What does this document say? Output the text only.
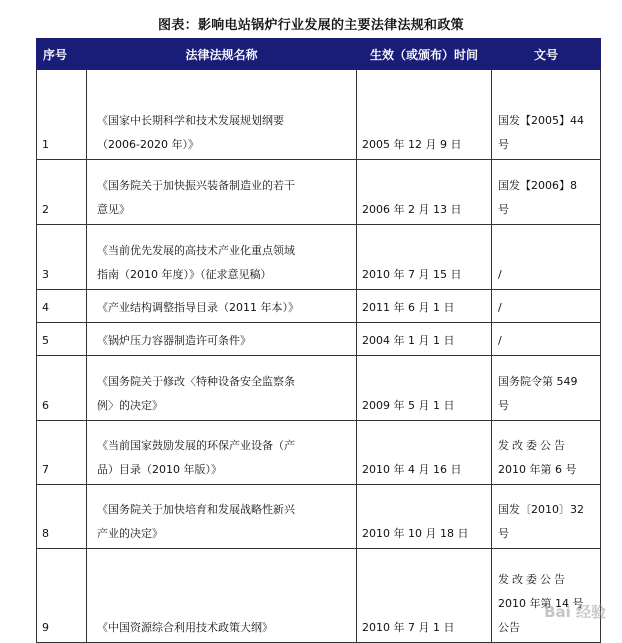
图表：影响电站锅炉行业发展的主要法律法规和政策
序号	法律法规名称	生效（或颁布）时间	文号
1	《国家中长期科学和技术发展规划纲要
（2006-2020 年）》	2005 年 12 月 9 日	国发【2005】44
号

2	《国务院关于加快振兴装备制造业的若干
意见》	2006 年 2 月 13 日	国发【2006】8
号

3	《当前优先发展的高技术产业化重点领域
指南（2010 年度）》（征求意见稿）	2010 年 7 月 15 日	/

4	《产业结构调整指导目录（2011 年本）》	2011 年 6 月 1 日	/

5	《锅炉压力容器制造许可条件》	2004 年 1 月 1 日	/

6	《国务院关于修改〈特种设备安全监察条
例〉的决定》	2009 年 5 月 1 日	国务院令第 549
号

7	《当前国家鼓励发展的环保产业设备（产
品）目录（2010 年版）》	2010 年 4 月 16 日	发改委公告
2010 年第 6 号

8	《国务院关于加快培育和发展战略性新兴
产业的决定》	2010 年 10 月 18 日	国发〔2010〕32
号

9	《中国资源综合利用技术政策大纲》	2010 年 7 月 1 日	发改委公告
2010 年第 14 号
公告
Bai 经验
